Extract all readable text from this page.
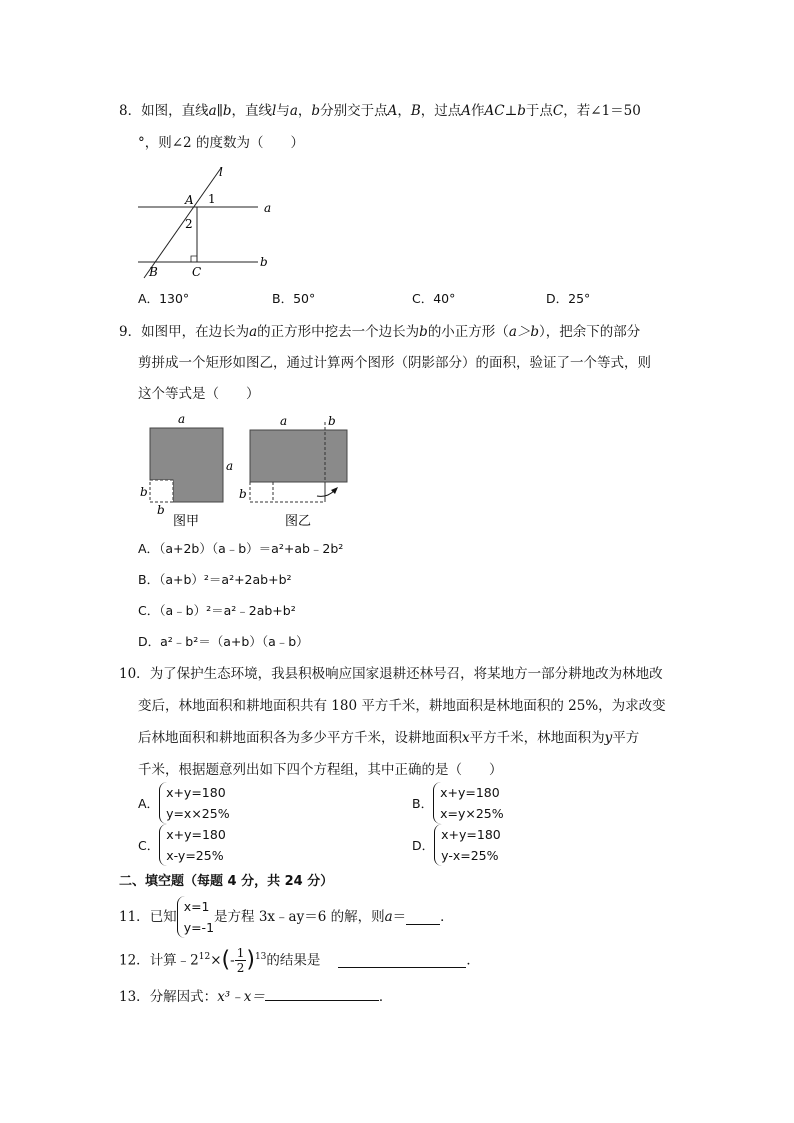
8．如图，直线a∥b，直线l与a，b分别交于点A，B，过点A作AC⊥b于点C，若∠1＝50
°，则∠2 的度数为（　　）
l
A 1
2
a
b
B	C
A．130°	B．50°	C．40°	D．25°
9．如图甲，在边长为a的正方形中挖去一个边长为b的小正方形（a＞b），把余下的部分
剪拼成一个矩形如图乙，通过计算两个图形（阴影部分）的面积，验证了一个等式，则
这个等式是（　　）
a
a
b
b
图甲
a	b
b
图乙
A．（a+2b）（a﹣b）＝a²+ab﹣2b²
B．（a+b）²＝a²+2ab+b²
C．（a﹣b）²＝a²﹣2ab+b²
D．a²﹣b²＝（a+b）（a﹣b）
10．为了保护生态环境，我县积极响应国家退耕还林号召，将某地方一部分耕地改为林地改
变后，林地面积和耕地面积共有 180 平方千米，耕地面积是林地面积的 25%，为求改变
后林地面积和耕地面积各为多少平方千米，设耕地面积x平方千米，林地面积为y平方
千米，根据题意列出如下四个方程组，其中正确的是（　　）
A．x+y=180
y=x×25%
B．x+y=180
x=y×25%
C．x+y=180
x-y=25%
D．x+y=180
y-x=25%
二、填空题（每题 4 分，共 24 分）
11．已知x=1
y=-1是方程 3x﹣ay＝6 的解，则a＝	．
12．计算$﹣2^{12}\times(- \frac{1}{2} )^{13}$的结果是	．
13．分解因式：x³﹣x＝	．
